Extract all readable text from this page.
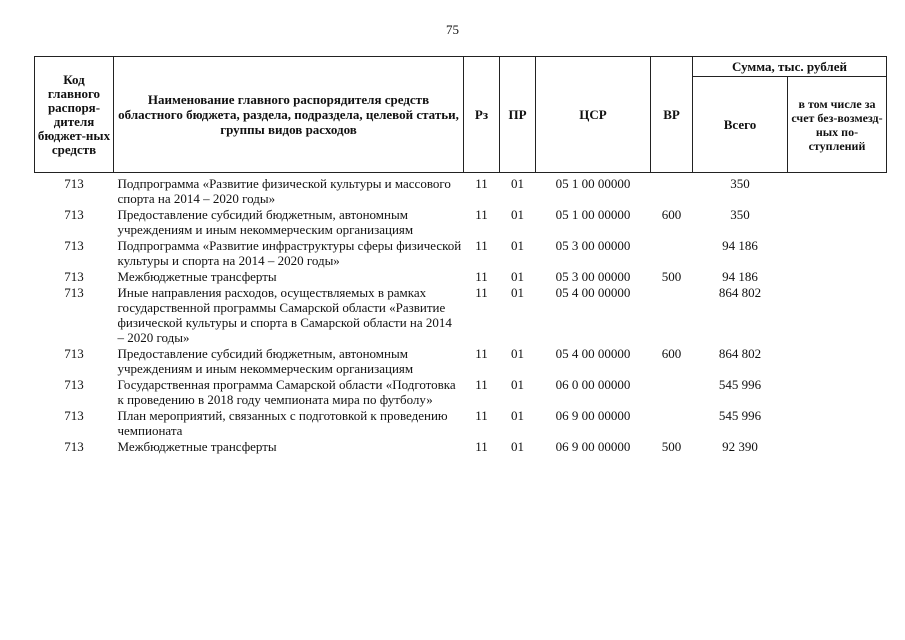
75
Код главного распоря-дителя бюджет-ных средств	Наименование главного распорядителя средств областного бюджета, раздела, подраздела, целевой статьи, группы видов расходов	Рз	ПР	ЦСР	ВР	Сумма, тыс. рублей	
						Всего	в том числе за счет без-возмезд-ных по-ступлений
713	Подпрограмма «Развитие физической культуры и массового спорта на 2014 – 2020 годы»	11	01	05 1 00 00000		350	
713	Предоставление субсидий бюджетным, автономным учреждениям и иным некоммерческим организациям	11	01	05 1 00 00000	600	350	
713	Подпрограмма «Развитие инфраструктуры сферы физической культуры и спорта на 2014 – 2020 годы»	11	01	05 3 00 00000		94 186	
713	Межбюджетные трансферты	11	01	05 3 00 00000	500	94 186	
713	Иные направления расходов, осуществляемых в рамках государственной программы Самарской области «Развитие физической культуры и спорта в Самарской области на 2014 – 2020 годы»	11	01	05 4 00 00000		864 802	
713	Предоставление субсидий бюджетным, автономным учреждениям и иным некоммерческим организациям	11	01	05 4 00 00000	600	864 802	
713	Государственная программа Самарской области «Подготовка к проведению в 2018 году чемпионата мира по футболу»	11	01	06 0 00 00000		545 996	
713	План мероприятий, связанных с подготовкой к проведению чемпионата	11	01	06 9 00 00000		545 996	
713	Межбюджетные трансферты	11	01	06 9 00 00000	500	92 390	
